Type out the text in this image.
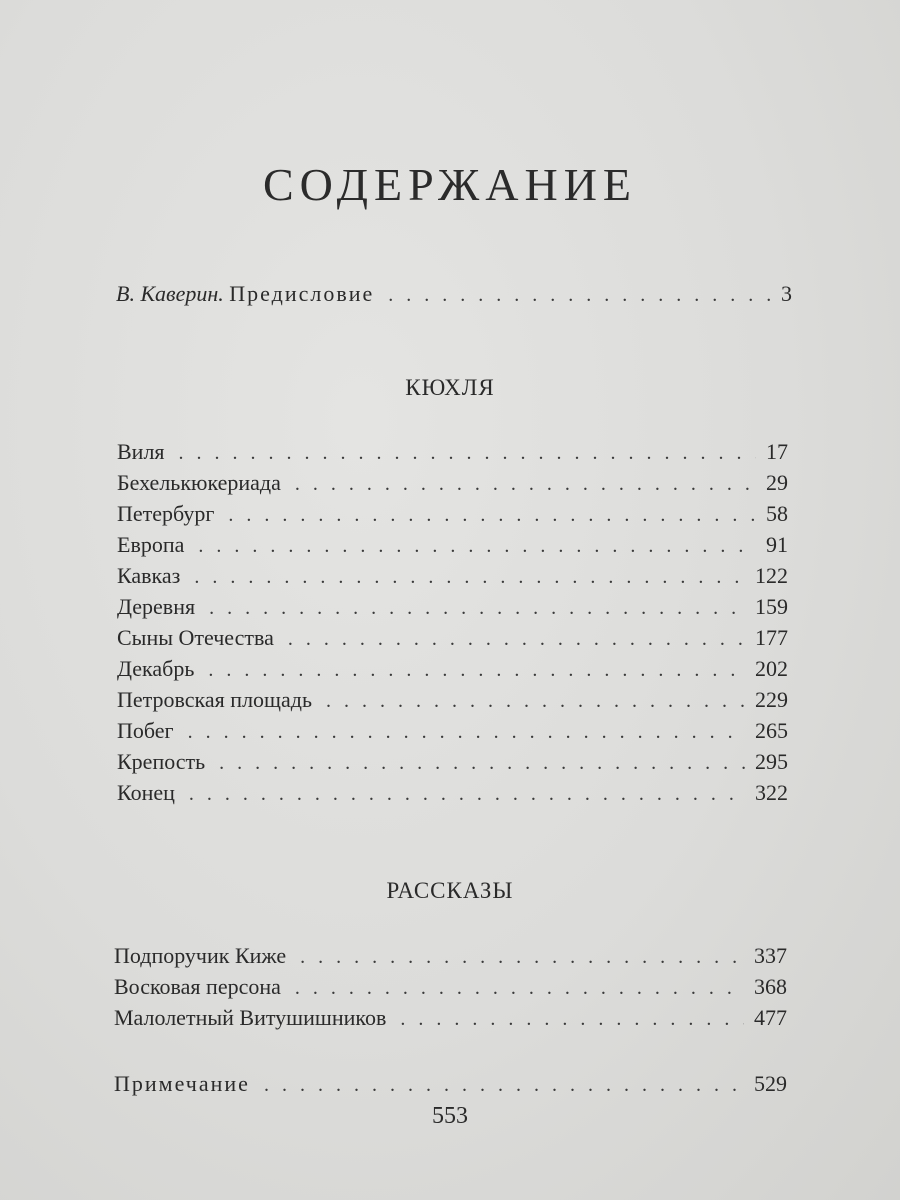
СОДЕРЖАНИЕ
В. Каверин. Предисловие . . .	3
КЮХЛЯ
Виля . . .	17
Бехелькюкериада . . .	29
Петербург . . .	58
Европа . . .	91
Кавказ . . .	122
Деревня . . .	159
Сыны Отечества . . .	177
Декабрь . . .	202
Петровская площадь . . .	229
Побег . . .	265
Крепость . . .	295
Конец . . .	322
РАССКАЗЫ
Подпоручик Киже . . .	337
Восковая персона . . .	368
Малолетный Витушишников . . .	477
Примечание . . .	529
553
